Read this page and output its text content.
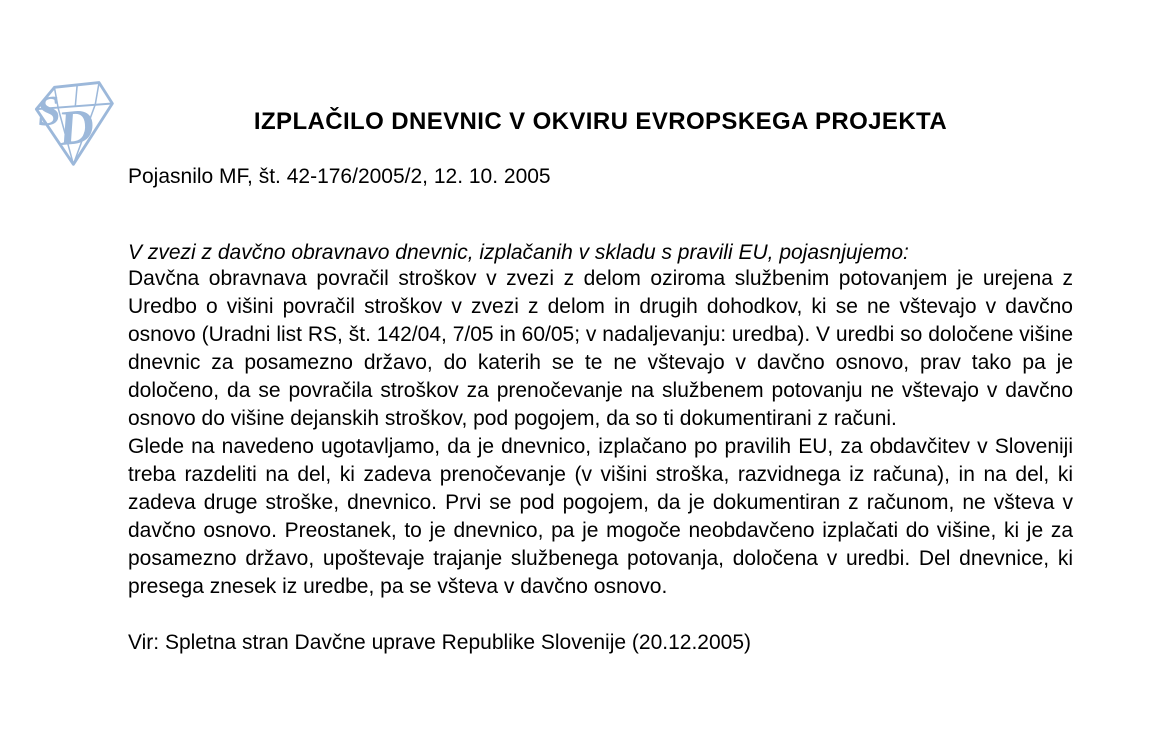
S
D	IZPLAČILO DNEVNIC V OKVIRU EVROPSKEGA PROJEKTA
Pojasnilo MF, št. 42-176/2005/2, 12. 10. 2005
V zvezi z davčno obravnavo dnevnic, izplačanih v skladu s pravili EU, pojasnjujemo:

Davčna obravnava povračil stroškov v zvezi z delom oziroma službenim potovanjem je urejena z Uredbo o višini povračil stroškov v zvezi z delom in drugih dohodkov, ki se ne vštevajo v davčno osnovo (Uradni list RS, št. 142/04, 7/05 in 60/05; v nadaljevanju: uredba). V uredbi so določene višine dnevnic za posamezno državo, do katerih se te ne vštevajo v davčno osnovo, prav tako pa je določeno, da se povračila stroškov za prenočevanje na službenem potovanju ne vštevajo v davčno osnovo do višine dejanskih stroškov, pod pogojem, da so ti dokumentirani z računi.

Glede na navedeno ugotavljamo, da je dnevnico, izplačano po pravilih EU, za obdavčitev v Sloveniji treba razdeliti na del, ki zadeva prenočevanje (v višini stroška, razvidnega iz računa), in na del, ki zadeva druge stroške, dnevnico. Prvi se pod pogojem, da je dokumentiran z računom, ne všteva v davčno osnovo. Preostanek, to je dnevnico, pa je mogoče neobdavčeno izplačati do višine, ki je za posamezno državo, upoštevaje trajanje službenega potovanja, določena v uredbi. Del dnevnice, ki presega znesek iz uredbe, pa se všteva v davčno osnovo.

Vir: Spletna stran Davčne uprave Republike Slovenije (20.12.2005)
